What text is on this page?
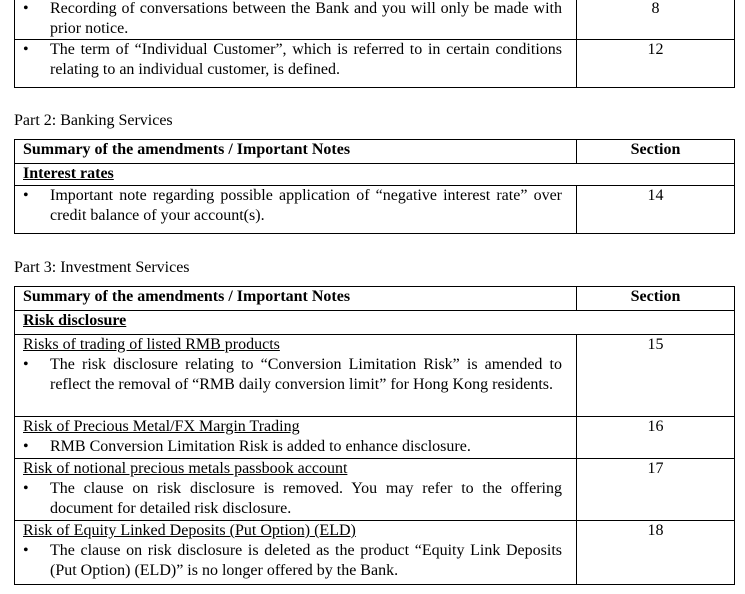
• Recording of conversations between the Bank and you will only be made with prior notice.	8

• The term of “Individual Customer”, which is referred to in certain conditions relating to an individual customer, is defined.	12
Part 2: Banking Services
Summary of the amendments / Important Notes	Section
Interest rates	

• Important note regarding possible application of “negative interest rate” over credit balance of your account(s).	14
Part 3: Investment Services
Summary of the amendments / Important Notes	Section
Risk disclosure	

Risks of trading of listed RMB products
• The risk disclosure relating to “Conversion Limitation Risk” is amended to reflect the removal of “RMB daily conversion limit” for Hong Kong residents.	15

Risk of Precious Metal/FX Margin Trading
• RMB Conversion Limitation Risk is added to enhance disclosure.	16

Risk of notional precious metals passbook account
• The clause on risk disclosure is removed. You may refer to the offering document for detailed risk disclosure.	17

Risk of Equity Linked Deposits (Put Option) (ELD)
• The clause on risk disclosure is deleted as the product “Equity Link Deposits (Put Option) (ELD)” is no longer offered by the Bank.	18
